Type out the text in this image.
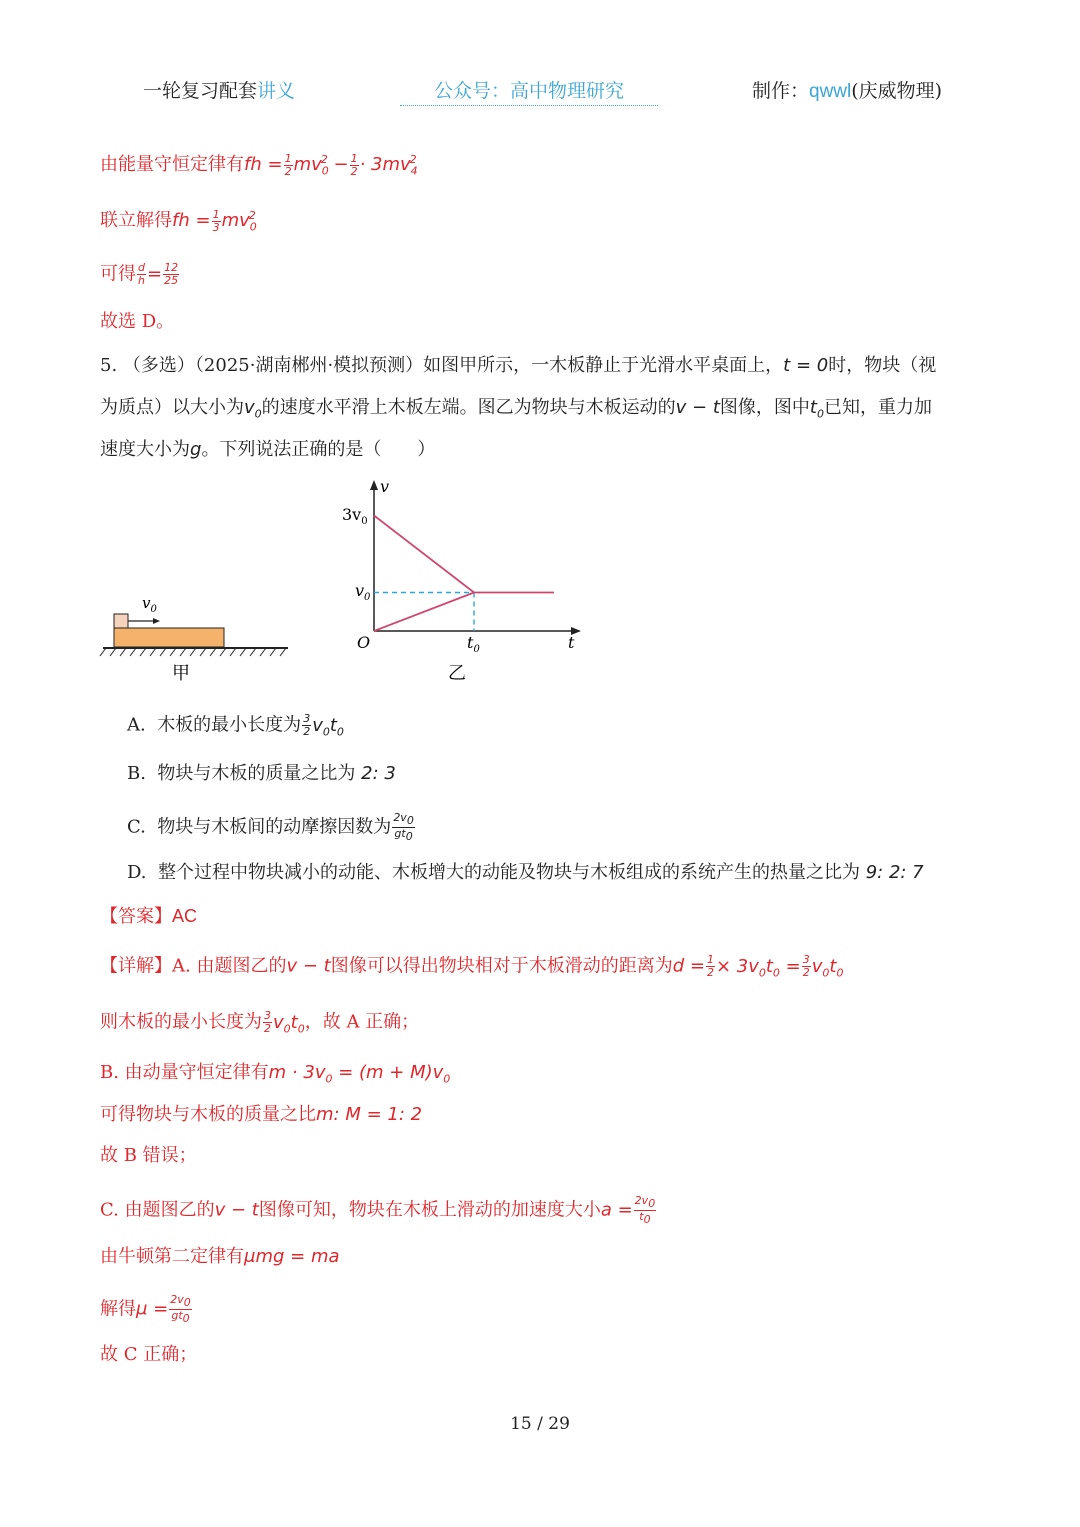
一轮复习配套讲义	公众号：高中物理研究	制作：qwwl(庆威物理)
由能量守恒定律有fh = $\frac{1}{2} mv_0^2 - \frac{1}{2} \cdot 3mv_4^2$
联立解得fh = $\frac{1}{3} mv_0^2$
可得 $\frac{d}{h} = \frac{12}{25}$
故选 D。
5. （多选）（2025·湖南郴州·模拟预测）如图甲所示，一木板静止于光滑水平桌面上，t = 0时，物块（视
为质点）以大小为$v_0$的速度水平滑上木板左端。图乙为物块与木板运动的v − t图像，图中$t_0$已知，重力加
速度大小为g。下列说法正确的是（　　）
$v_0$
甲
v
t
O
$3v_0$
$v_0$
$t_0$
乙
A. 木板的最小长度为 $\frac{3}{2} v_0t_0$
B. 物块与木板的质量之比为 2: 3
C. 物块与木板间的动摩擦因数为 $\frac{2v_0}{gt_0}$
D. 整个过程中物块减小的动能、木板增大的动能及物块与木板组成的系统产生的热量之比为 9: 2: 7
【答案】AC
【详解】A. 由题图乙的v − t图像可以得出物块相对于木板滑动的距离为$d = \frac{1}{2} \times 3v_0t_0 = \frac{3}{2} v_0t_0$
则木板的最小长度为 $\frac{3}{2} v_0t_0$，故 A 正确；
B. 由动量守恒定律有$m \cdot 3v_0 = (m + M)v_0$
可得物块与木板的质量之比m: M = 1: 2
故 B 错误；
C. 由题图乙的v − t图像可知，物块在木板上滑动的加速度大小$a = \frac{2v_0}{t_0}$
由牛顿第二定律有μmg = ma
解得$\mu = \frac{2v_0}{gt_0}$
故 C 正确；
15 / 29
